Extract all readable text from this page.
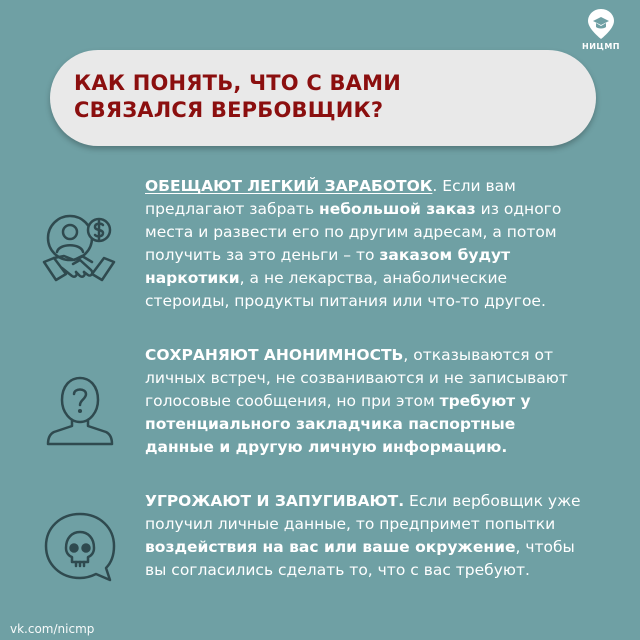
НИЦМП
КАК ПОНЯТЬ, ЧТО С ВАМИ СВЯЗАЛСЯ ВЕРБОВЩИК?
ОБЕЩАЮТ ЛЕГКИЙ ЗАРАБОТОК. Если вам предлагают забрать небольшой заказ из одного места и развести его по другим адресам, а потом получить за это деньги – то заказом будут наркотики, а не лекарства, анаболические стероиды, продукты питания или что-то другое.
СОХРАНЯЮТ АНОНИМНОСТЬ, отказываются от личных встреч, не созваниваются и не записывают голосовые сообщения, но при этом требуют у потенциального закладчика паспортные данные и другую личную информацию.
УГРОЖАЮТ И ЗАПУГИВАЮТ. Если вербовщик уже получил личные данные, то предпримет попытки воздействия на вас или ваше окружение, чтобы вы согласились сделать то, что с вас требуют.
vk.com/nicmp
